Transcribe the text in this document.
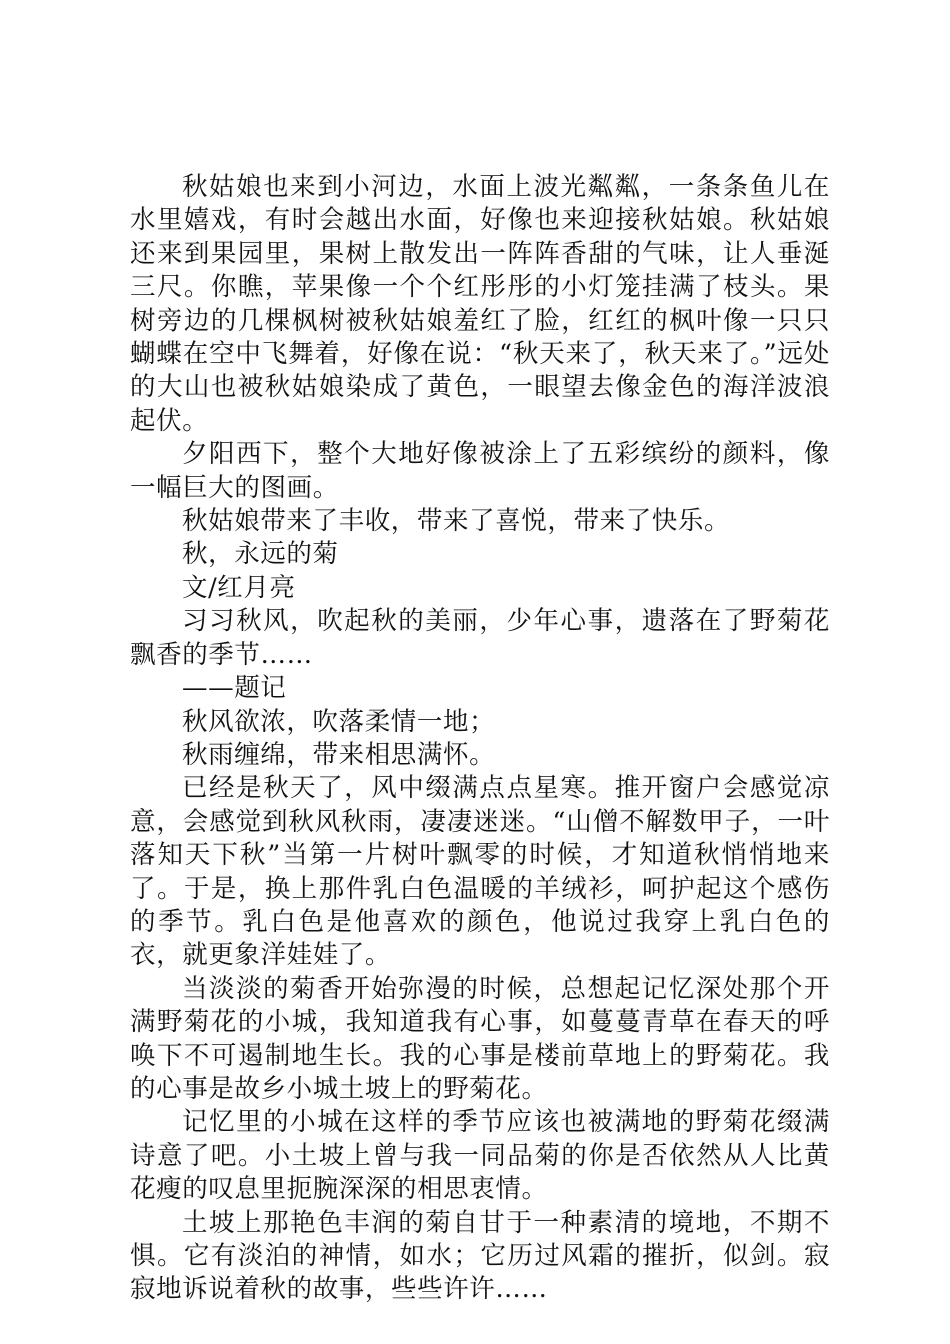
秋姑娘也来到小河边，水面上波光粼粼，一条条鱼儿在水里嬉戏，有时会越出水面，好像也来迎接秋姑娘。秋姑娘还来到果园里，果树上散发出一阵阵香甜的气味，让人垂涎三尺。你瞧，苹果像一个个红彤彤的小灯笼挂满了枝头。果树旁边的几棵枫树被秋姑娘羞红了脸，红红的枫叶像一只只蝴蝶在空中飞舞着，好像在说：“秋天来了，秋天来了。”远处的大山也被秋姑娘染成了黄色，一眼望去像金色的海洋波浪起伏。

夕阳西下，整个大地好像被涂上了五彩缤纷的颜料，像一幅巨大的图画。

秋姑娘带来了丰收，带来了喜悦，带来了快乐。

秋，永远的菊

文/红月亮

习习秋风，吹起秋的美丽，少年心事，遗落在了野菊花飘香的季节……

——题记

秋风欲浓，吹落柔情一地；

秋雨缠绵，带来相思满怀。

已经是秋天了，风中缀满点点星寒。推开窗户会感觉凉意，会感觉到秋风秋雨，凄凄迷迷。“山僧不解数甲子，一叶落知天下秋”当第一片树叶飘零的时候，才知道秋悄悄地来了。于是，换上那件乳白色温暖的羊绒衫，呵护起这个感伤的季节。乳白色是他喜欢的颜色，他说过我穿上乳白色的衣，就更象洋娃娃了。

当淡淡的菊香开始弥漫的时候，总想起记忆深处那个开满野菊花的小城，我知道我有心事，如蔓蔓青草在春天的呼唤下不可遏制地生长。我的心事是楼前草地上的野菊花。我的心事是故乡小城土坡上的野菊花。

记忆里的小城在这样的季节应该也被满地的野菊花缀满诗意了吧。小土坡上曾与我一同品菊的你是否依然从人比黄花瘦的叹息里扼腕深深的相思衷情。

土坡上那艳色丰润的菊自甘于一种素清的境地，不期不惧。它有淡泊的神情，如水；它历过风霜的摧折，似剑。寂寂地诉说着秋的故事，些些许许……
